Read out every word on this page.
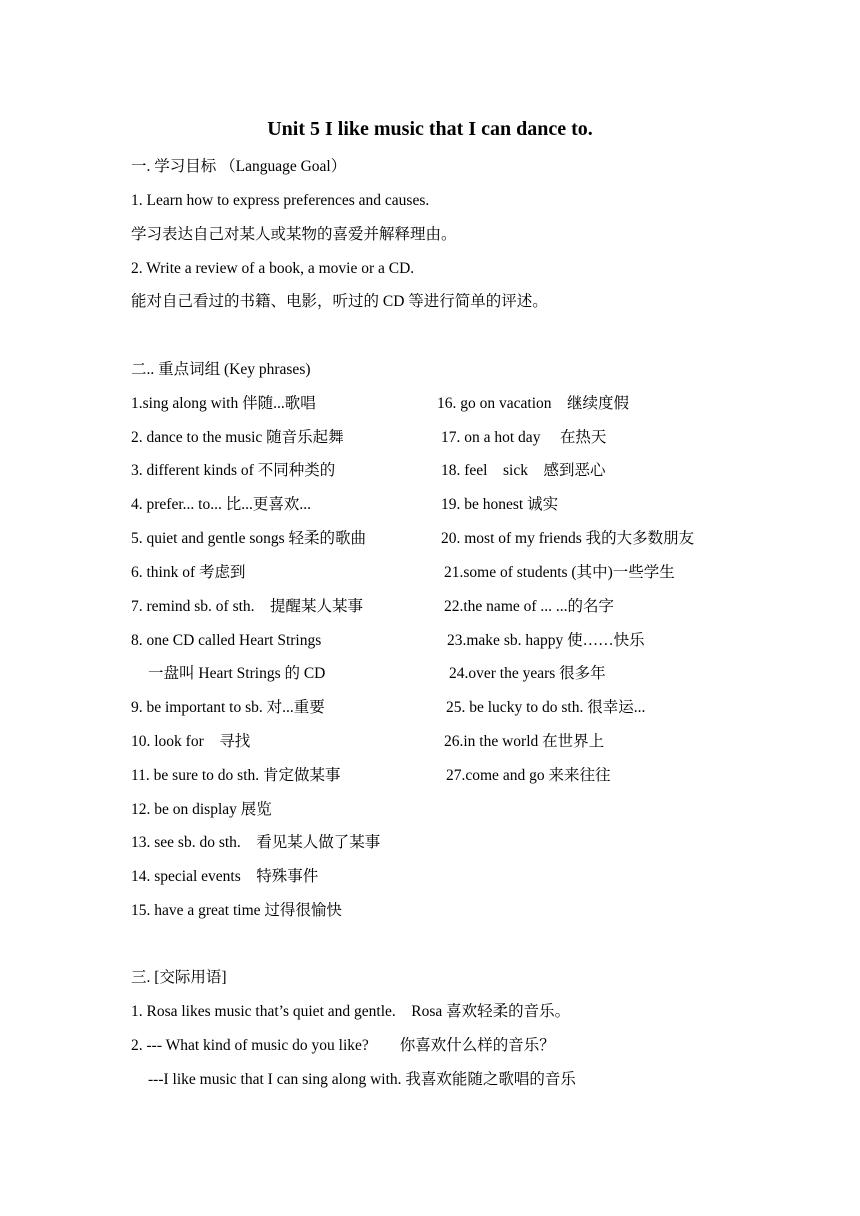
Unit 5 I like music that I can dance to.
一. 学习目标 （Language Goal）
1. Learn how to express preferences and causes.
学习表达自己对某人或某物的喜爱并解释理由。
2. Write a review of a book, a movie or a CD.
能对自己看过的书籍、电影，听过的 CD 等进行简单的评述。
二.. 重点词组 (Key phrases)
1.sing along with 伴随...歌唱
2. dance to the music 随音乐起舞
3. different kinds of 不同种类的
4. prefer... to... 比...更喜欢...
5. quiet and gentle songs 轻柔的歌曲
6. think of 考虑到
7. remind sb. of sth.　提醒某人某事
8. one CD called Heart Strings
一盘叫 Heart Strings 的 CD
9. be important to sb. 对...重要
10. look for　寻找
11. be sure to do sth. 肯定做某事
12. be on display 展览
13. see sb. do sth.　看见某人做了某事
14. special events　特殊事件
15. have a great time 过得很愉快
16. go on vacation　继续度假
17. on a hot day　 在热天
18. feel　sick　感到恶心
19. be honest 诚实
20. most of my friends 我的大多数朋友
21.some of students (其中)一些学生
22.the name of ... ...的名字
23.make sb. happy 使……快乐
24.over the years 很多年
25. be lucky to do sth. 很幸运...
26.in the world 在世界上
27.come and go 来来往往
三. [交际用语]
1. Rosa likes music that’s quiet and gentle.　Rosa 喜欢轻柔的音乐。
2. --- What kind of music do you like?　　你喜欢什么样的音乐？
---I like music that I can sing along with. 我喜欢能随之歌唱的音乐
